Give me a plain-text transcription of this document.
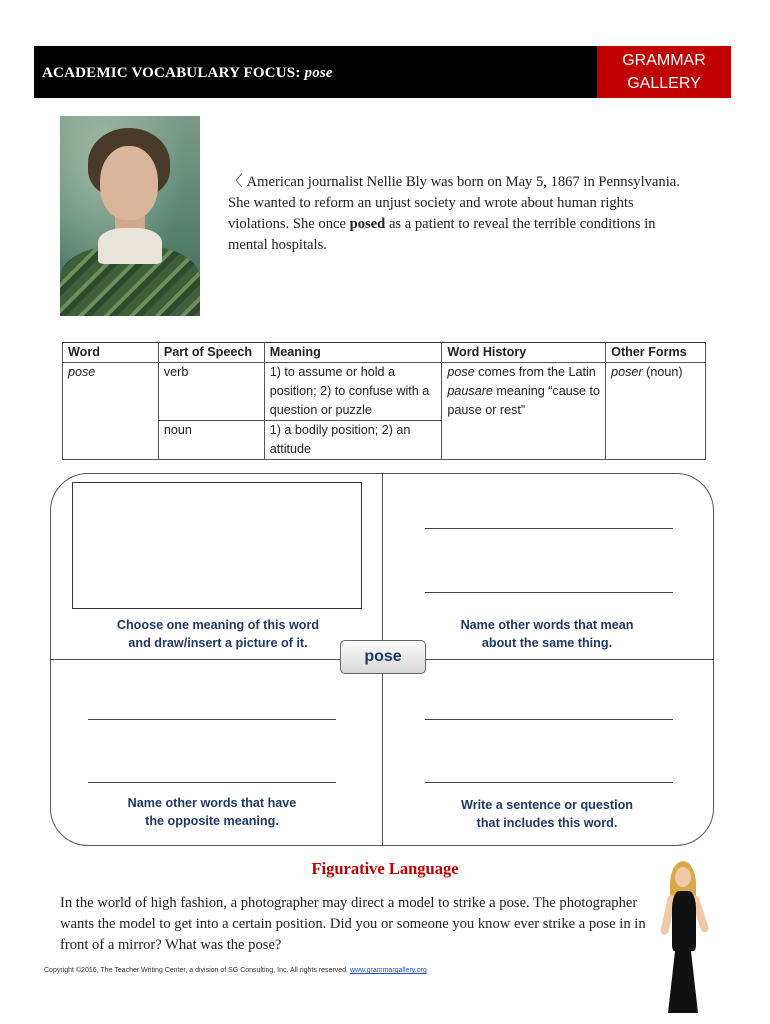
ACADEMIC VOCABULARY FOCUS: pose
GRAMMAR
GALLERY
〈 American journalist Nellie Bly was born on May 5, 1867 in Pennsylvania. She wanted to reform an unjust society and wrote about human rights violations. She once posed as a patient to reveal the terrible conditions in mental hospitals.
Word	Part of Speech	Meaning	Word History	Other Forms
pose	verb	1) to assume or hold a position; 2) to confuse with a question or puzzle	pose comes from the Latin pausare meaning “cause to pause or rest”	poser (noun)
	noun	1) a bodily position; 2) an attitude		
Choose one meaning of this word
and draw/insert a picture of it.
Name other words that mean
about the same thing.
pose
Name other words that have
the opposite meaning.
Write a sentence or question
that includes this word.
Figurative Language
In the world of high fashion, a photographer may direct a model to strike a pose. The photographer wants the model to get into a certain position. Did you or someone you know ever strike a pose in in front of a mirror? What was the pose?
Copyright ©2016, The Teacher Writing Center, a division of SG Consulting, Inc. All rights reserved. www.grammargallery.org
